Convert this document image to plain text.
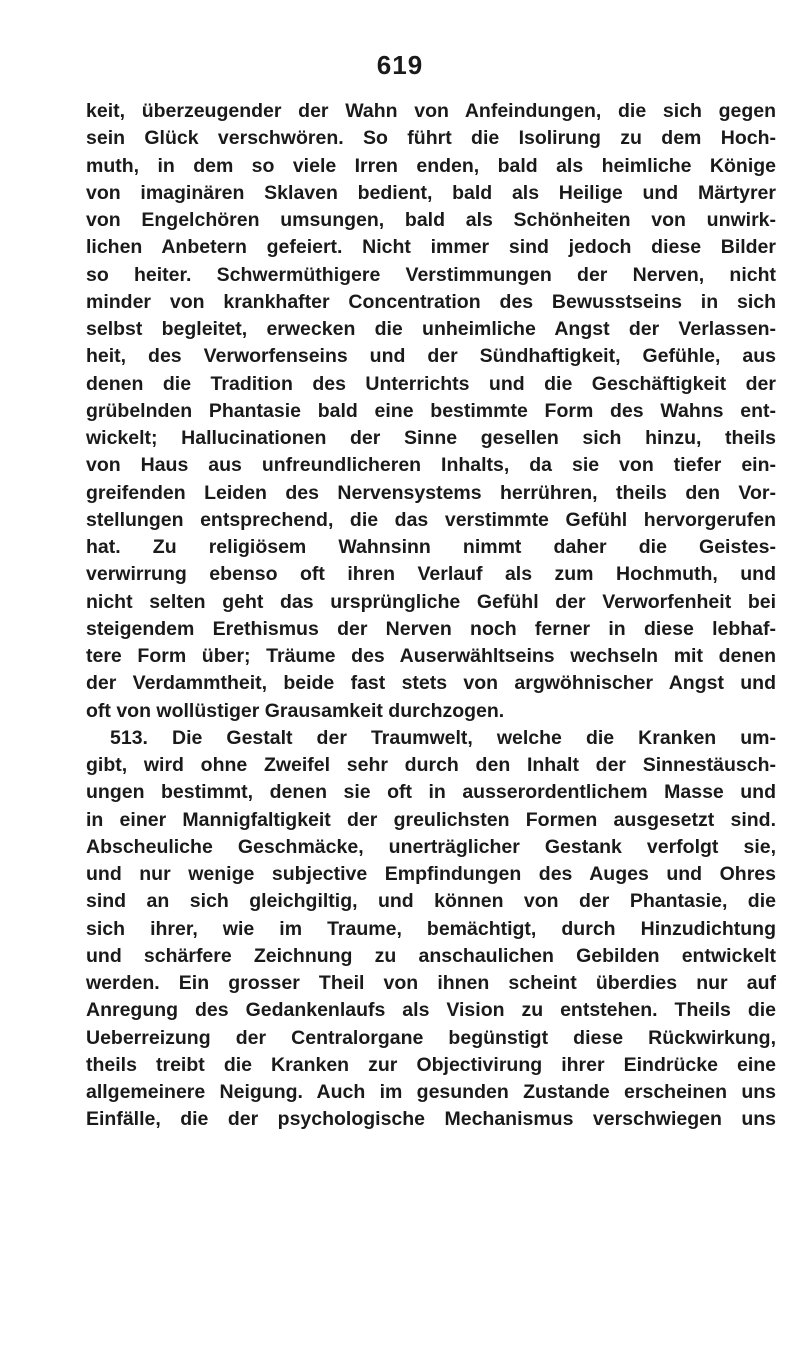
619
keit, überzeugender der Wahn von Anfeindungen, die sich gegen
sein Glück verschwören. So führt die Isolirung zu dem Hoch-
muth, in dem so viele Irren enden, bald als heimliche Könige
von imaginären Sklaven bedient, bald als Heilige und Märtyrer
von Engelchören umsungen, bald als Schönheiten von unwirk-
lichen Anbetern gefeiert. Nicht immer sind jedoch diese Bilder
so heiter. Schwermüthigere Verstimmungen der Nerven, nicht
minder von krankhafter Concentration des Bewusstseins in sich
selbst begleitet, erwecken die unheimliche Angst der Verlassen-
heit, des Verworfenseins und der Sündhaftigkeit, Gefühle, aus
denen die Tradition des Unterrichts und die Geschäftigkeit der
grübelnden Phantasie bald eine bestimmte Form des Wahns ent-
wickelt; Hallucinationen der Sinne gesellen sich hinzu, theils
von Haus aus unfreundlicheren Inhalts, da sie von tiefer ein-
greifenden Leiden des Nervensystems herrühren, theils den Vor-
stellungen entsprechend, die das verstimmte Gefühl hervorgerufen
hat. Zu religiösem Wahnsinn nimmt daher die Geistes-
verwirrung ebenso oft ihren Verlauf als zum Hochmuth, und
nicht selten geht das ursprüngliche Gefühl der Verworfenheit bei
steigendem Erethismus der Nerven noch ferner in diese lebhaf-
tere Form über; Träume des Auserwähltseins wechseln mit denen
der Verdammtheit, beide fast stets von argwöhnischer Angst und
oft von wollüstiger Grausamkeit durchzogen.
513. Die Gestalt der Traumwelt, welche die Kranken um-
gibt, wird ohne Zweifel sehr durch den Inhalt der Sinnestäusch-
ungen bestimmt, denen sie oft in ausserordentlichem Masse und
in einer Mannigfaltigkeit der greulichsten Formen ausgesetzt sind.
Abscheuliche Geschmäcke, unerträglicher Gestank verfolgt sie,
und nur wenige subjective Empfindungen des Auges und Ohres
sind an sich gleichgiltig, und können von der Phantasie, die
sich ihrer, wie im Traume, bemächtigt, durch Hinzudichtung
und schärfere Zeichnung zu anschaulichen Gebilden entwickelt
werden. Ein grosser Theil von ihnen scheint überdies nur auf
Anregung des Gedankenlaufs als Vision zu entstehen. Theils die
Ueberreizung der Centralorgane begünstigt diese Rückwirkung,
theils treibt die Kranken zur Objectivirung ihrer Eindrücke eine
allgemeinere Neigung. Auch im gesunden Zustande erscheinen uns
Einfälle, die der psychologische Mechanismus verschwiegen uns
